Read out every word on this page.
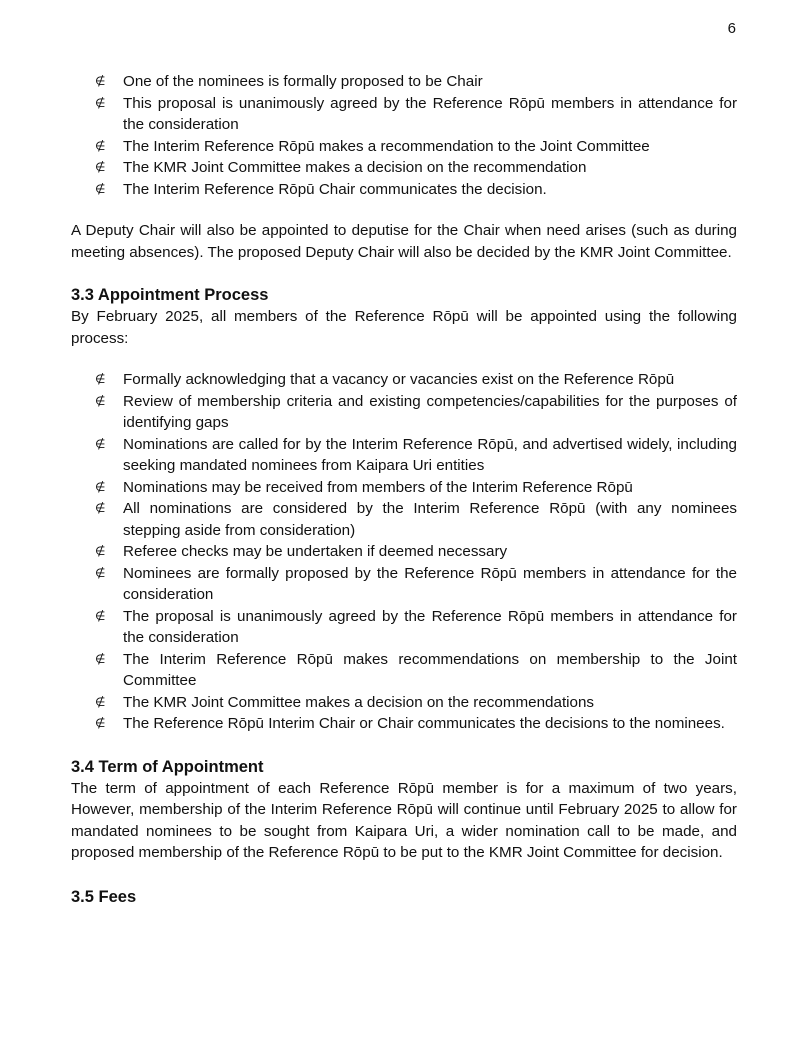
6
∉ One of the nominees is formally proposed to be Chair
∉ This proposal is unanimously agreed by the Reference Rōpū members in attendance for the consideration
∉ The Interim Reference Rōpū makes a recommendation to the Joint Committee
∉ The KMR Joint Committee makes a decision on the recommendation
∉ The Interim Reference Rōpū Chair communicates the decision.

A Deputy Chair will also be appointed to deputise for the Chair when need arises (such as during meeting absences). The proposed Deputy Chair will also be decided by the KMR Joint Committee.

3.3 Appointment Process

By February 2025, all members of the Reference Rōpū will be appointed using the following process:

∉ Formally acknowledging that a vacancy or vacancies exist on the Reference Rōpū
∉ Review of membership criteria and existing competencies/capabilities for the purposes of identifying gaps
∉ Nominations are called for by the Interim Reference Rōpū, and advertised widely, including seeking mandated nominees from Kaipara Uri entities
∉ Nominations may be received from members of the Interim Reference Rōpū
∉ All nominations are considered by the Interim Reference Rōpū (with any nominees stepping aside from consideration)
∉ Referee checks may be undertaken if deemed necessary
∉ Nominees are formally proposed by the Reference Rōpū members in attendance for the consideration
∉ The proposal is unanimously agreed by the Reference Rōpū members in attendance for the consideration
∉ The Interim Reference Rōpū makes recommendations on membership to the Joint Committee
∉ The KMR Joint Committee makes a decision on the recommendations
∉ The Reference Rōpū Interim Chair or Chair communicates the decisions to the nominees.
3.4 Term of Appointment

The term of appointment of each Reference Rōpū member is for a maximum of two years, However, membership of the Interim Reference Rōpū will continue until February 2025 to allow for mandated nominees to be sought from Kaipara Uri, a wider nomination call to be made, and proposed membership of the Reference Rōpū to be put to the KMR Joint Committee for decision.

3.5 Fees
